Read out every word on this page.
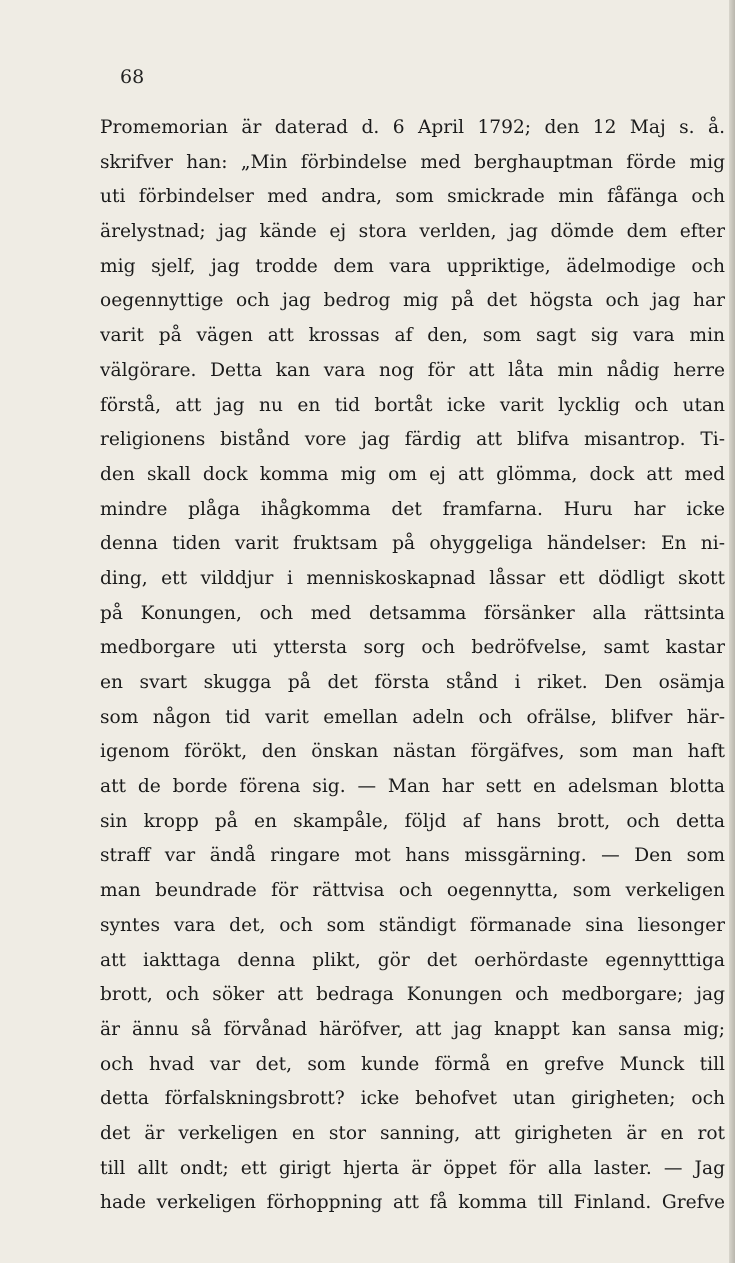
68
Promemorian är daterad d. 6 April 1792; den 12 Maj s. å.
skrifver han: „Min förbindelse med berghauptman förde mig
uti förbindelser med andra, som smickrade min fåfänga och
ärelystnad; jag kände ej stora verlden, jag dömde dem efter
mig sjelf, jag trodde dem vara uppriktige, ädelmodige och
oegennyttige och jag bedrog mig på det högsta och jag har
varit på vägen att krossas af den, som sagt sig vara min
välgörare. Detta kan vara nog för att låta min nådig herre
förstå, att jag nu en tid bortåt icke varit lycklig och utan
religionens bistånd vore jag färdig att blifva misantrop. Ti-
den skall dock komma mig om ej att glömma, dock att med
mindre plåga ihågkomma det framfarna. Huru har icke
denna tiden varit fruktsam på ohyggeliga händelser: En ni-
ding, ett vilddjur i menniskoskapnad låssar ett dödligt skott
på Konungen, och med detsamma försänker alla rättsinta
medborgare uti yttersta sorg och bedröfvelse, samt kastar
en svart skugga på det första stånd i riket. Den osämja
som någon tid varit emellan adeln och ofrälse, blifver här-
igenom förökt, den önskan nästan förgäfves, som man haft
att de borde förena sig. — Man har sett en adelsman blotta
sin kropp på en skampåle, följd af hans brott, och detta
straff var ändå ringare mot hans missgärning. — Den som
man beundrade för rättvisa och oegennytta, som verkeligen
syntes vara det, och som ständigt förmanade sina liesonger
att iakttaga denna plikt, gör det oerhördaste egennytttiga
brott, och söker att bedraga Konungen och medborgare; jag
är ännu så förvånad häröfver, att jag knappt kan sansa mig;
och hvad var det, som kunde förmå en grefve Munck till
detta förfalskningsbrott? icke behofvet utan girigheten; och
det är verkeligen en stor sanning, att girigheten är en rot
till allt ondt; ett girigt hjerta är öppet för alla laster. — Jag
hade verkeligen förhoppning att få komma till Finland. Grefve
